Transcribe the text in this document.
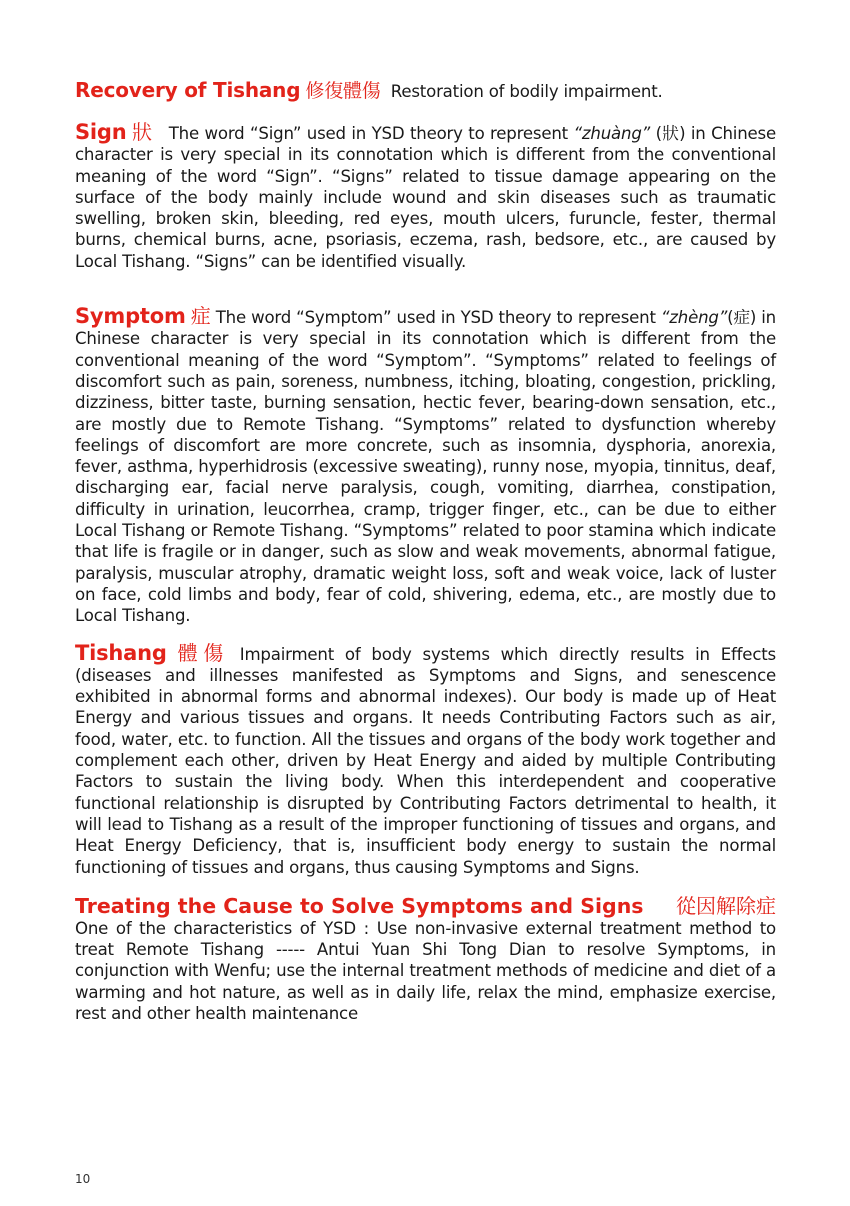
Recovery of Tishang 修復體傷 Restoration of bodily impairment.

Sign 狀 The word “Sign” used in YSD theory to represent “zhuàng” (狀) in Chinese character is very special in its connotation which is different from the conventional meaning of the word “Sign”. “Signs” related to tissue damage appearing on the surface of the body mainly include wound and skin diseases such as traumatic swelling, broken skin, bleeding, red eyes, mouth ulcers, furuncle, fester, thermal burns, chemical burns, acne, psoriasis, eczema, rash, bedsore, etc., are caused by Local Tishang. “Signs” can be identified visually.

Symptom 症 The word “Symptom” used in YSD theory to represent “zhèng”(症) in Chinese character is very special in its connotation which is different from the conventional meaning of the word “Symptom”. “Symptoms” related to feelings of discomfort such as pain, soreness, numbness, itching, bloating, congestion, prickling, dizziness, bitter taste, burning sensation, hectic fever, bearing-down sensation, etc., are mostly due to Remote Tishang. “Symptoms” related to dysfunction whereby feelings of discomfort are more concrete, such as insomnia, dysphoria, anorexia, fever, asthma, hyperhidrosis (excessive sweating), runny nose, myopia, tinnitus, deaf, discharging ear, facial nerve paralysis, cough, vomiting, diarrhea, constipation, difficulty in urination, leucorrhea, cramp, trigger finger, etc., can be due to either Local Tishang or Remote Tishang. “Symptoms” related to poor stamina which indicate that life is fragile or in danger, such as slow and weak movements, abnormal fatigue, paralysis, muscular atrophy, dramatic weight loss, soft and weak voice, lack of luster on face, cold limbs and body, fear of cold, shivering, edema, etc., are mostly due to Local Tishang.

Tishang 體傷 Impairment of body systems which directly results in Effects (diseases and illnesses manifested as Symptoms and Signs, and senescence exhibited in abnormal forms and abnormal indexes). Our body is made up of Heat Energy and various tissues and organs. It needs Contributing Factors such as air, food, water, etc. to function. All the tissues and organs of the body work together and complement each other, driven by Heat Energy and aided by multiple Contributing Factors to sustain the living body. When this interdependent and cooperative functional relationship is disrupted by Contributing Factors detrimental to health, it will lead to Tishang as a result of the improper functioning of tissues and organs, and Heat Energy Deficiency, that is, insufficient body energy to sustain the normal functioning of tissues and organs, thus causing Symptoms and Signs.

Treating the Cause to Solve Symptoms and Signs 從因解除症

One of the characteristics of YSD : Use non-invasive external treatment method to treat Remote Tishang ----- Antui Yuan Shi Tong Dian to resolve Symptoms, in conjunction with Wenfu; use the internal treatment methods of medicine and diet of a warming and hot nature, as well as in daily life, relax the mind, emphasize exercise, rest and other health maintenance

10
